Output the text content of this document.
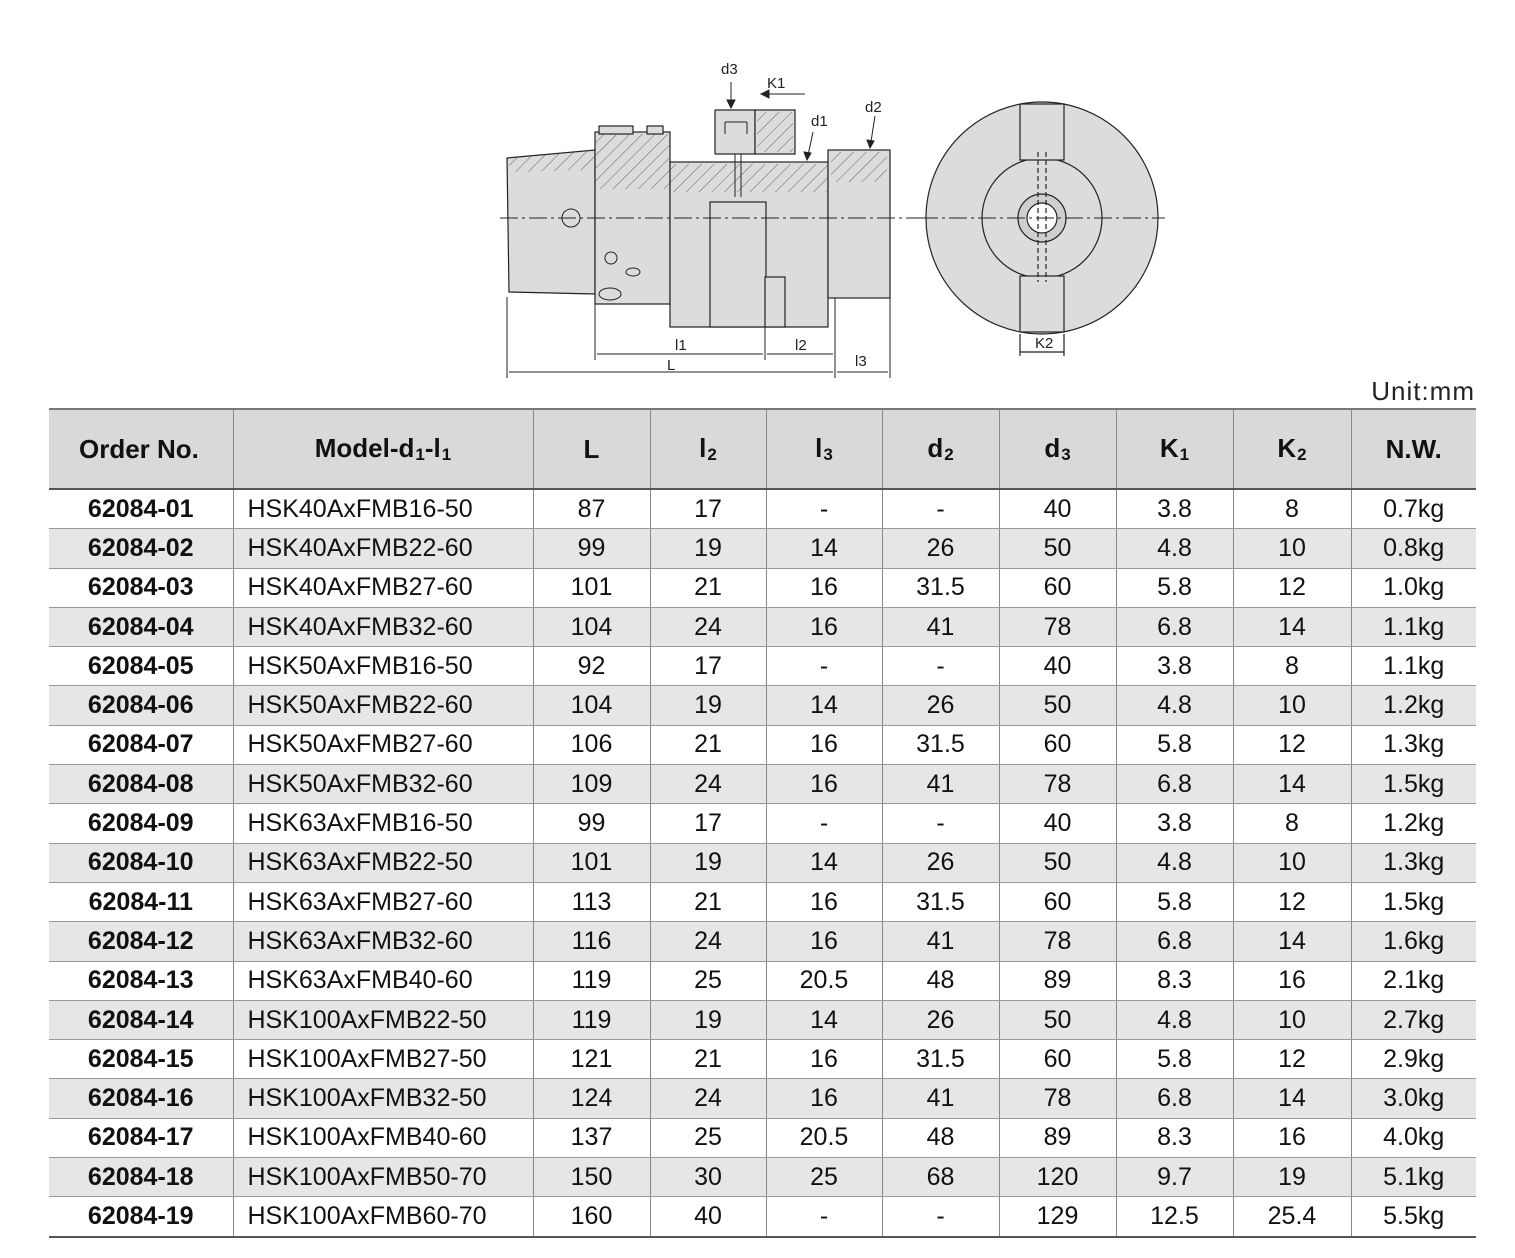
d3
K1
d1
d2
l1
L
l2
l3
K2
Unit:mm
Order No.	Model-$d_1-l_1$	L	$l_2$	$l_3$	$d_2$	$d_3$	$K_1$	$K_2$	N.W.
62084-01	HSK40AxFMB16-50	87	17	-	-	40	3.8	8	0.7kg
62084-02	HSK40AxFMB22-60	99	19	14	26	50	4.8	10	0.8kg
62084-03	HSK40AxFMB27-60	101	21	16	31.5	60	5.8	12	1.0kg
62084-04	HSK40AxFMB32-60	104	24	16	41	78	6.8	14	1.1kg
62084-05	HSK50AxFMB16-50	92	17	-	-	40	3.8	8	1.1kg
62084-06	HSK50AxFMB22-60	104	19	14	26	50	4.8	10	1.2kg
62084-07	HSK50AxFMB27-60	106	21	16	31.5	60	5.8	12	1.3kg
62084-08	HSK50AxFMB32-60	109	24	16	41	78	6.8	14	1.5kg
62084-09	HSK63AxFMB16-50	99	17	-	-	40	3.8	8	1.2kg
62084-10	HSK63AxFMB22-50	101	19	14	26	50	4.8	10	1.3kg
62084-11	HSK63AxFMB27-60	113	21	16	31.5	60	5.8	12	1.5kg
62084-12	HSK63AxFMB32-60	116	24	16	41	78	6.8	14	1.6kg
62084-13	HSK63AxFMB40-60	119	25	20.5	48	89	8.3	16	2.1kg
62084-14	HSK100AxFMB22-50	119	19	14	26	50	4.8	10	2.7kg
62084-15	HSK100AxFMB27-50	121	21	16	31.5	60	5.8	12	2.9kg
62084-16	HSK100AxFMB32-50	124	24	16	41	78	6.8	14	3.0kg
62084-17	HSK100AxFMB40-60	137	25	20.5	48	89	8.3	16	4.0kg
62084-18	HSK100AxFMB50-70	150	30	25	68	120	9.7	19	5.1kg
62084-19	HSK100AxFMB60-70	160	40	-	-	129	12.5	25.4	5.5kg
